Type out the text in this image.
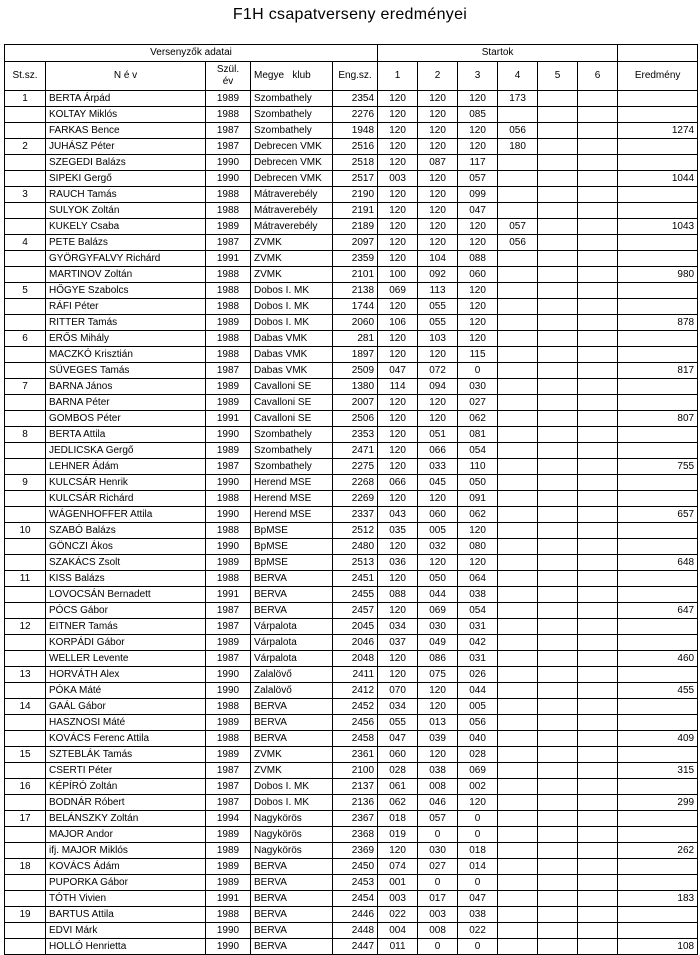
F1H csapatverseny eredményei
Versenyzők adatai					Startok						
St.sz.	N é v	Szül.
év	Megye   klub	Eng.sz.	1	2	3	4	5	6	Eredmény
1	BERTA Árpád	1989	Szombathely	2354	120	120	120	173			
	KOLTAY Miklós	1988	Szombathely	2276	120	120	085				
	FARKAS Bence	1987	Szombathely	1948	120	120	120	056			1274
2	JUHÁSZ Péter	1987	Debrecen VMK	2516	120	120	120	180			
	SZEGEDI Balázs	1990	Debrecen VMK	2518	120	087	117				
	SIPEKI Gergő	1990	Debrecen VMK	2517	003	120	057				1044
3	RAUCH Tamás	1988	Mátraverebély	2190	120	120	099				
	SULYOK Zoltán	1988	Mátraverebély	2191	120	120	047				
	KUKELY Csaba	1989	Mátraverebély	2189	120	120	120	057			1043
4	PETE Balázs	1987	ZVMK	2097	120	120	120	056			
	GYÖRGYFALVY Richárd	1991	ZVMK	2359	120	104	088				
	MARTINOV Zoltán	1988	ZVMK	2101	100	092	060				980
5	HŐGYE Szabolcs	1988	Dobos I. MK	2138	069	113	120				
	RÁFI Péter	1988	Dobos I. MK	1744	120	055	120				
	RITTER Tamás	1989	Dobos I. MK	2060	106	055	120				878
6	ERŐS Mihály	1988	Dabas VMK	281	120	103	120				
	MACZKÓ Krisztián	1988	Dabas VMK	1897	120	120	115				
	SÜVEGES Tamás	1987	Dabas VMK	2509	047	072	0				817
7	BARNA János	1989	Cavalloni SE	1380	114	094	030				
	BARNA Péter	1989	Cavalloni SE	2007	120	120	027				
	GOMBOS Péter	1991	Cavalloni SE	2506	120	120	062				807
8	BERTA Attila	1990	Szombathely	2353	120	051	081				
	JEDLICSKA Gergő	1989	Szombathely	2471	120	066	054				
	LEHNER Ádám	1987	Szombathely	2275	120	033	110				755
9	KULCSÁR Henrik	1990	Herend MSE	2268	066	045	050				
	KULCSÁR Richárd	1988	Herend MSE	2269	120	120	091				
	WÁGENHOFFER Attila	1990	Herend MSE	2337	043	060	062				657
10	SZABÓ Balázs	1988	BpMSE	2512	035	005	120				
	GÖNCZI Ákos	1990	BpMSE	2480	120	032	080				
	SZAKÁCS Zsolt	1989	BpMSE	2513	036	120	120				648
11	KISS Balázs	1988	BERVA	2451	120	050	064				
	LOVOCSÁN Bernadett	1991	BERVA	2455	088	044	038				
	PÓCS Gábor	1987	BERVA	2457	120	069	054				647
12	EITNER Tamás	1987	Várpalota	2045	034	030	031				
	KORPÁDI Gábor	1989	Várpalota	2046	037	049	042				
	WELLER Levente	1987	Várpalota	2048	120	086	031				460
13	HORVÁTH Alex	1990	Zalalövő	2411	120	075	026				
	PÓKA Máté	1990	Zalalövő	2412	070	120	044				455
14	GAÁL Gábor	1988	BERVA	2452	034	120	005				
	HASZNOSI Máté	1989	BERVA	2456	055	013	056				
	KOVÁCS Ferenc Attila	1988	BERVA	2458	047	039	040				409
15	SZTEBLÁK Tamás	1989	ZVMK	2361	060	120	028				
	CSERTI Péter	1987	ZVMK	2100	028	038	069				315
16	KÉPÍRÓ Zoltán	1987	Dobos I. MK	2137	061	008	002				
	BODNÁR Róbert	1987	Dobos I. MK	2136	062	046	120				299
17	BELÁNSZKY Zoltán	1994	Nagykörös	2367	018	057	0				
	MAJOR Andor	1989	Nagykörös	2368	019	0	0				
	ifj. MAJOR Miklós	1989	Nagykörös	2369	120	030	018				262
18	KOVÁCS Ádám	1989	BERVA	2450	074	027	014				
	PUPORKA Gábor	1989	BERVA	2453	001	0	0				
	TÓTH Vivien	1991	BERVA	2454	003	017	047				183
19	BARTUS Attila	1988	BERVA	2446	022	003	038				
	EDVI Márk	1990	BERVA	2448	004	008	022				
	HOLLÓ Henrietta	1990	BERVA	2447	011	0	0				108
